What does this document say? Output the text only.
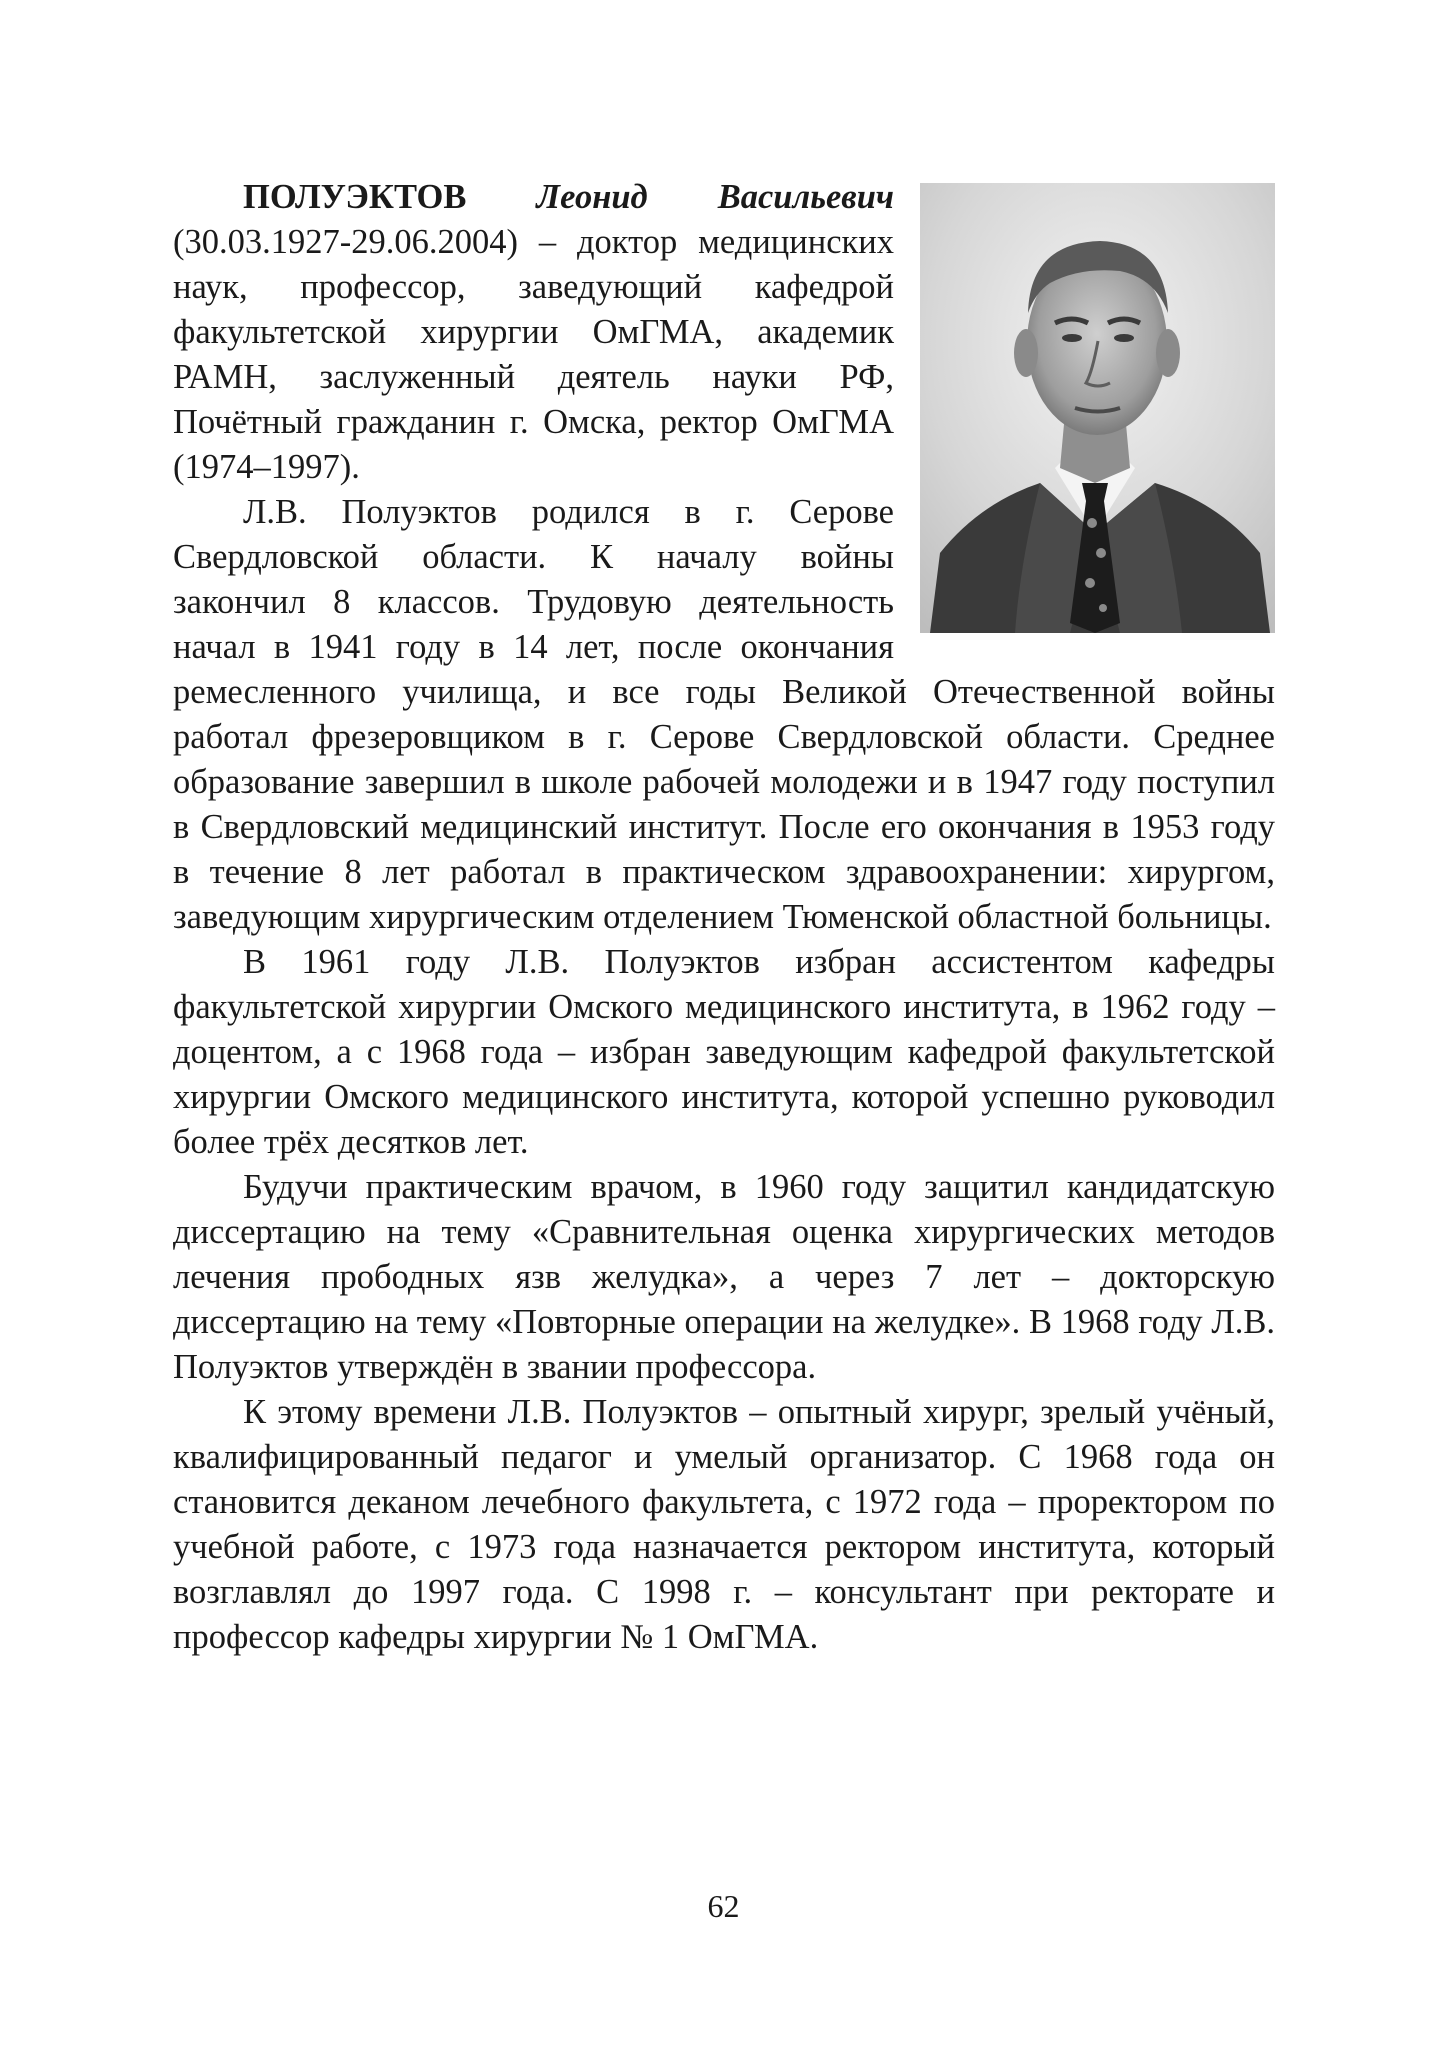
ПОЛУЭКТОВ Леонид Васильевич (30.03.1927-29.06.2004) – доктор медицинских наук, профессор, заведующий кафедрой факультетской хирургии ОмГМА, академик РАМН, заслуженный деятель науки РФ, Почётный гражданин г. Омска, ректор ОмГМА (1974–1997).

Л.В. Полуэктов родился в г. Серове Свердловской области. К началу войны закончил 8 классов. Трудовую деятельность начал в 1941 году в 14 лет, после окончания ремесленного училища, и все годы Великой Отечественной войны работал фрезеровщиком в г. Серове Свердловской области. Среднее образование завершил в школе рабочей молодежи и в 1947 году поступил в Свердловский медицинский институт. После его окончания в 1953 году в течение 8 лет работал в практическом здравоохранении: хирургом, заведующим хирургическим отделением Тюменской областной больницы.

В 1961 году Л.В. Полуэктов избран ассистентом кафедры факультетской хирургии Омского медицинского института, в 1962 году – доцентом, а с 1968 года – избран заведующим кафедрой факультетской хирургии Омского медицинского института, которой успешно руководил более трёх десятков лет.

Будучи практическим врачом, в 1960 году защитил кандидатскую диссертацию на тему «Сравнительная оценка хирургических методов лечения прободных язв желудка», а через 7 лет – докторскую диссертацию на тему «Повторные операции на желудке». В 1968 году Л.В. Полуэктов утверждён в звании профессора.

К этому времени Л.В. Полуэктов – опытный хирург, зрелый учёный, квалифицированный педагог и умелый организатор. С 1968 года он становится деканом лечебного факультета, с 1972 года – проректором по учебной работе, с 1973 года назначается ректором института, который возглавлял до 1997 года. С 1998 г. – консультант при ректорате и профессор кафедры хирургии № 1 ОмГМА.

62
